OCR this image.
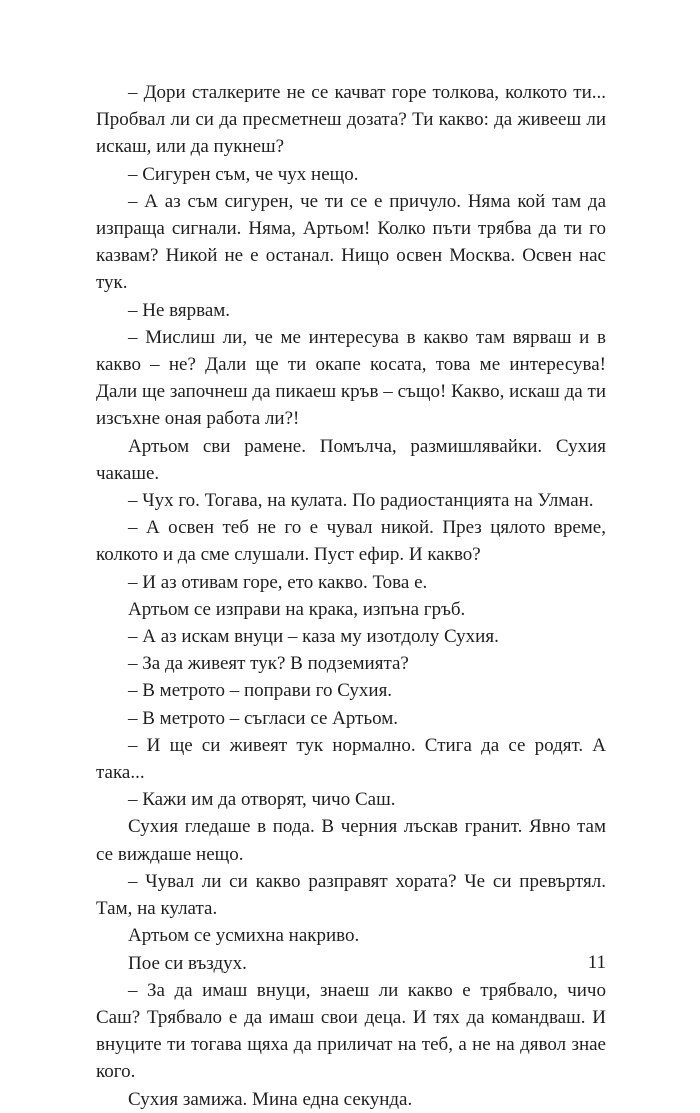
– Дори сталкерите не се качват горе толкова, колкото ти... Пробвал ли си да пресметнеш дозата? Ти какво: да живееш ли искаш, или да пукнеш?

– Сигурен съм, че чух нещо.

– А аз съм сигурен, че ти се е причуло. Няма кой там да изпраща сигнали. Няма, Артьом! Колко пъти трябва да ти го казвам? Никой не е останал. Нищо освен Москва. Освен нас тук.

– Не вярвам.

– Мислиш ли, че ме интересува в какво там вярваш и в какво – не? Дали ще ти окапе косата, това ме интересува! Дали ще започнеш да пикаеш кръв – също! Какво, искаш да ти изсъхне оная работа ли?!

Артьом сви рамене. Помълча, размишлявайки. Сухия чакаше.

– Чух го. Тогава, на кулата. По радиостанцията на Улман.

– А освен теб не го е чувал никой. През цялото време, колкото и да сме слушали. Пуст ефир. И какво?

– И аз отивам горе, ето какво. Това е.

Артьом се изправи на крака, изпъна гръб.

– А аз искам внуци – каза му изотдолу Сухия.

– За да живеят тук? В подземията?

– В метрото – поправи го Сухия.

– В метрото – съгласи се Артьом.

– И ще си живеят тук нормално. Стига да се родят. А така...

– Кажи им да отворят, чичо Саш.

Сухия гледаше в пода. В черния лъскав гранит. Явно там се виждаше нещо.

– Чувал ли си какво разправят хората? Че си превъртял. Там, на кулата.

Артьом се усмихна накриво.

Пое си въздух.

– За да имаш внуци, знаеш ли какво е трябвало, чичо Саш? Трябвало е да имаш свои деца. И тях да командваш. И внуците ти тогава щяха да приличат на теб, а не на дявол знае кого.

Сухия замижа. Мина една секунда.

11
